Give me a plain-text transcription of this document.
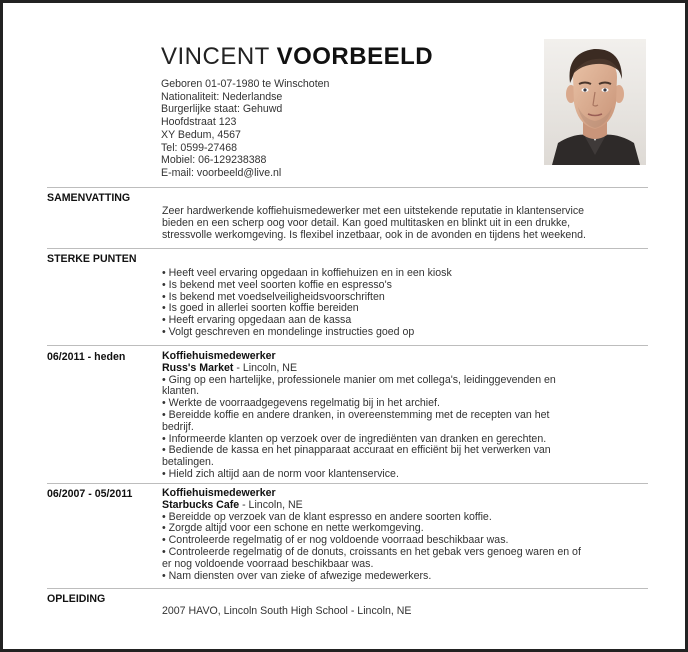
VINCENT VOORBEELD
Geboren 01-07-1980 te Winschoten
Nationaliteit: Nederlandse
Burgerlijke staat: Gehuwd
Hoofdstraat 123
XY Bedum, 4567
Tel: 0599-27468
Mobiel: 06-129238388
E-mail: voorbeeld@live.nl
SAMENVATTING
Zeer hardwerkende koffiehuismedewerker met een uitstekende reputatie in klantenservice
bieden en een scherp oog voor detail. Kan goed multitasken en blinkt uit in een drukke,
stressvolle werkomgeving. Is flexibel inzetbaar, ook in de avonden en tijdens het weekend.
STERKE PUNTEN
• Heeft veel ervaring opgedaan in koffiehuizen en in een kiosk
• Is bekend met veel soorten koffie en espresso's
• Is bekend met voedselveiligheidsvoorschriften
• Is goed in allerlei soorten koffie bereiden
• Heeft ervaring opgedaan aan de kassa
• Volgt geschreven en mondelinge instructies goed op
06/2011 - heden	Koffiehuismedewerker
Russ's Market - Lincoln, NE
• Ging op een hartelijke, professionele manier om met collega's, leidinggevenden en
klanten.
• Werkte de voorraadgegevens regelmatig bij in het archief.
• Bereidde koffie en andere dranken, in overeenstemming met de recepten van het
bedrijf.
• Informeerde klanten op verzoek over de ingrediënten van dranken en gerechten.
• Bediende de kassa en het pinapparaat accuraat en efficiënt bij het verwerken van
betalingen.
• Hield zich altijd aan de norm voor klantenservice.
06/2007 - 05/2011	Koffiehuismedewerker
Starbucks Cafe - Lincoln, NE
• Bereidde op verzoek van de klant espresso en andere soorten koffie.
• Zorgde altijd voor een schone en nette werkomgeving.
• Controleerde regelmatig of er nog voldoende voorraad beschikbaar was.
• Controleerde regelmatig of de donuts, croissants en het gebak vers genoeg waren en of
er nog voldoende voorraad beschikbaar was.
• Nam diensten over van zieke of afwezige medewerkers.
OPLEIDING
2007 HAVO, Lincoln South High School - Lincoln, NE
